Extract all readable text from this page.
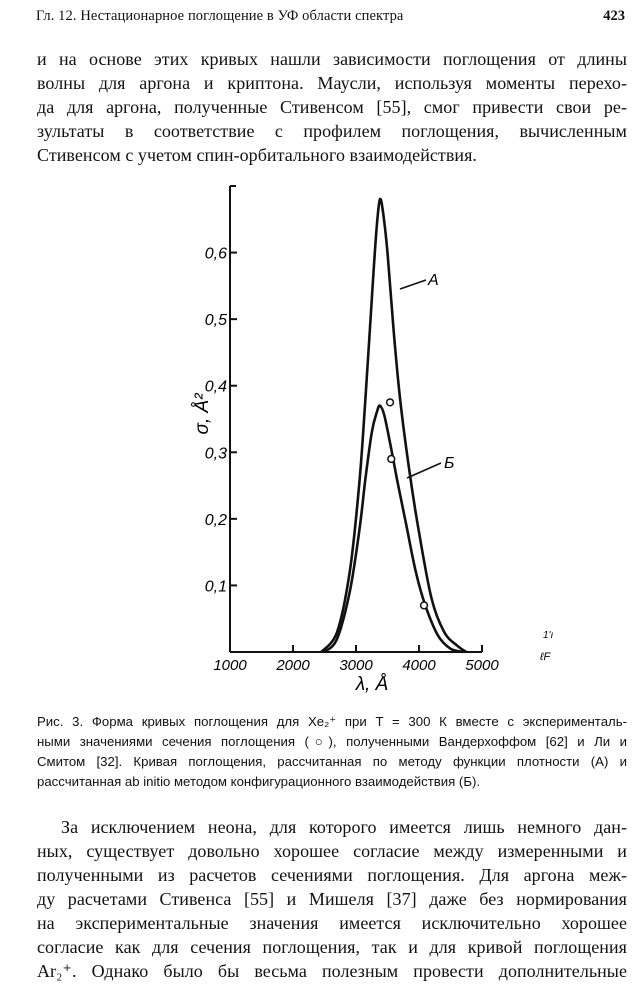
Гл. 12. Нестационарное поглощение в УФ области спектра	423
и на основе этих кривых нашли зависимости поглощения от длины
волны для аргона и криптона. Маусли, используя моменты перехо-
да для аргона, полученные Стивенсом [55], смог привести свои ре-
зультаты в соответствие с профилем поглощения, вычисленным
Стивенсом с учетом спин-орбитального взаимодействия.
0,1
0,2
0,3
0,4
0,5
0,6
1000 2000 3000 4000 5000
σ, Å²
λ, Å
А
Б
1'ı
ℓF
Рис. 3. Форма кривых поглощения для Xe₂⁺ при T = 300 К вместе с эксперименталь-
ными значениями сечения поглощения (○), полученными Вандерхоффом [62] и Ли и
Смитом [32]. Кривая поглощения, рассчитанная по методу функции плотности (А) и
рассчитанная ab initio методом конфигурационного взаимодействия (Б).
За исключением неона, для которого имеется лишь немного дан-
ных, существует довольно хорошее согласие между измеренными и
полученными из расчетов сечениями поглощения. Для аргона меж-
ду расчетами Стивенса [55] и Мишеля [37] даже без нормирования
на экспериментальные значения имеется исключительно хорошее
согласие как для сечения поглощения, так и для кривой поглощения
Ar₂⁺. Однако было бы весьма полезным провести дополнительные
